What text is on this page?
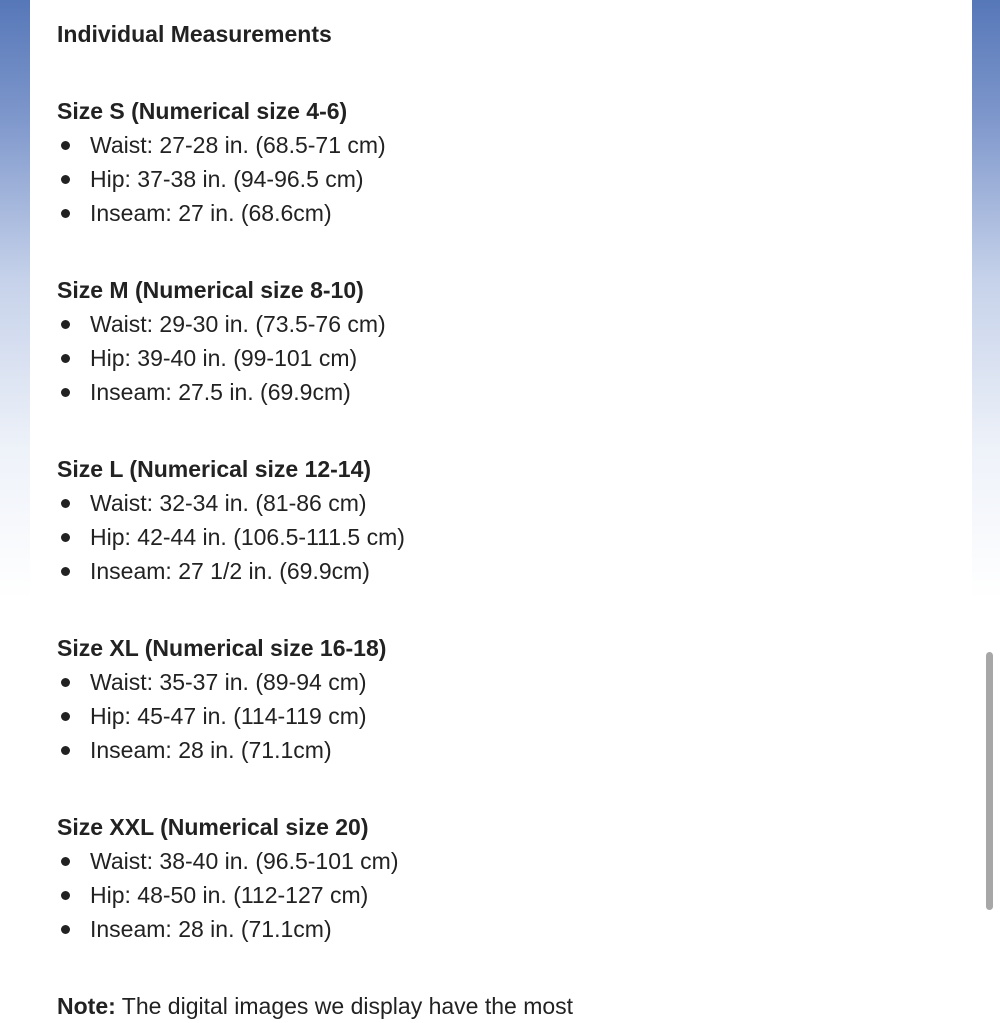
Individual Measurements
Size S (Numerical size 4-6)
Waist: 27-28 in. (68.5-71 cm)
Hip: 37-38 in. (94-96.5 cm)
Inseam: 27 in. (68.6cm)
Size M (Numerical size 8-10)
Waist: 29-30 in. (73.5-76 cm)
Hip: 39-40 in. (99-101 cm)
Inseam: 27.5 in. (69.9cm)
Size L (Numerical size 12-14)
Waist: 32-34 in. (81-86 cm)
Hip: 42-44 in. (106.5-111.5 cm)
Inseam: 27 1/2 in. (69.9cm)
Size XL (Numerical size 16-18)
Waist: 35-37 in. (89-94 cm)
Hip: 45-47 in. (114-119 cm)
Inseam: 28 in. (71.1cm)
Size XXL (Numerical size 20)
Waist: 38-40 in. (96.5-101 cm)
Hip: 48-50 in. (112-127 cm)
Inseam: 28 in. (71.1cm)
Note: The digital images we display have the most
